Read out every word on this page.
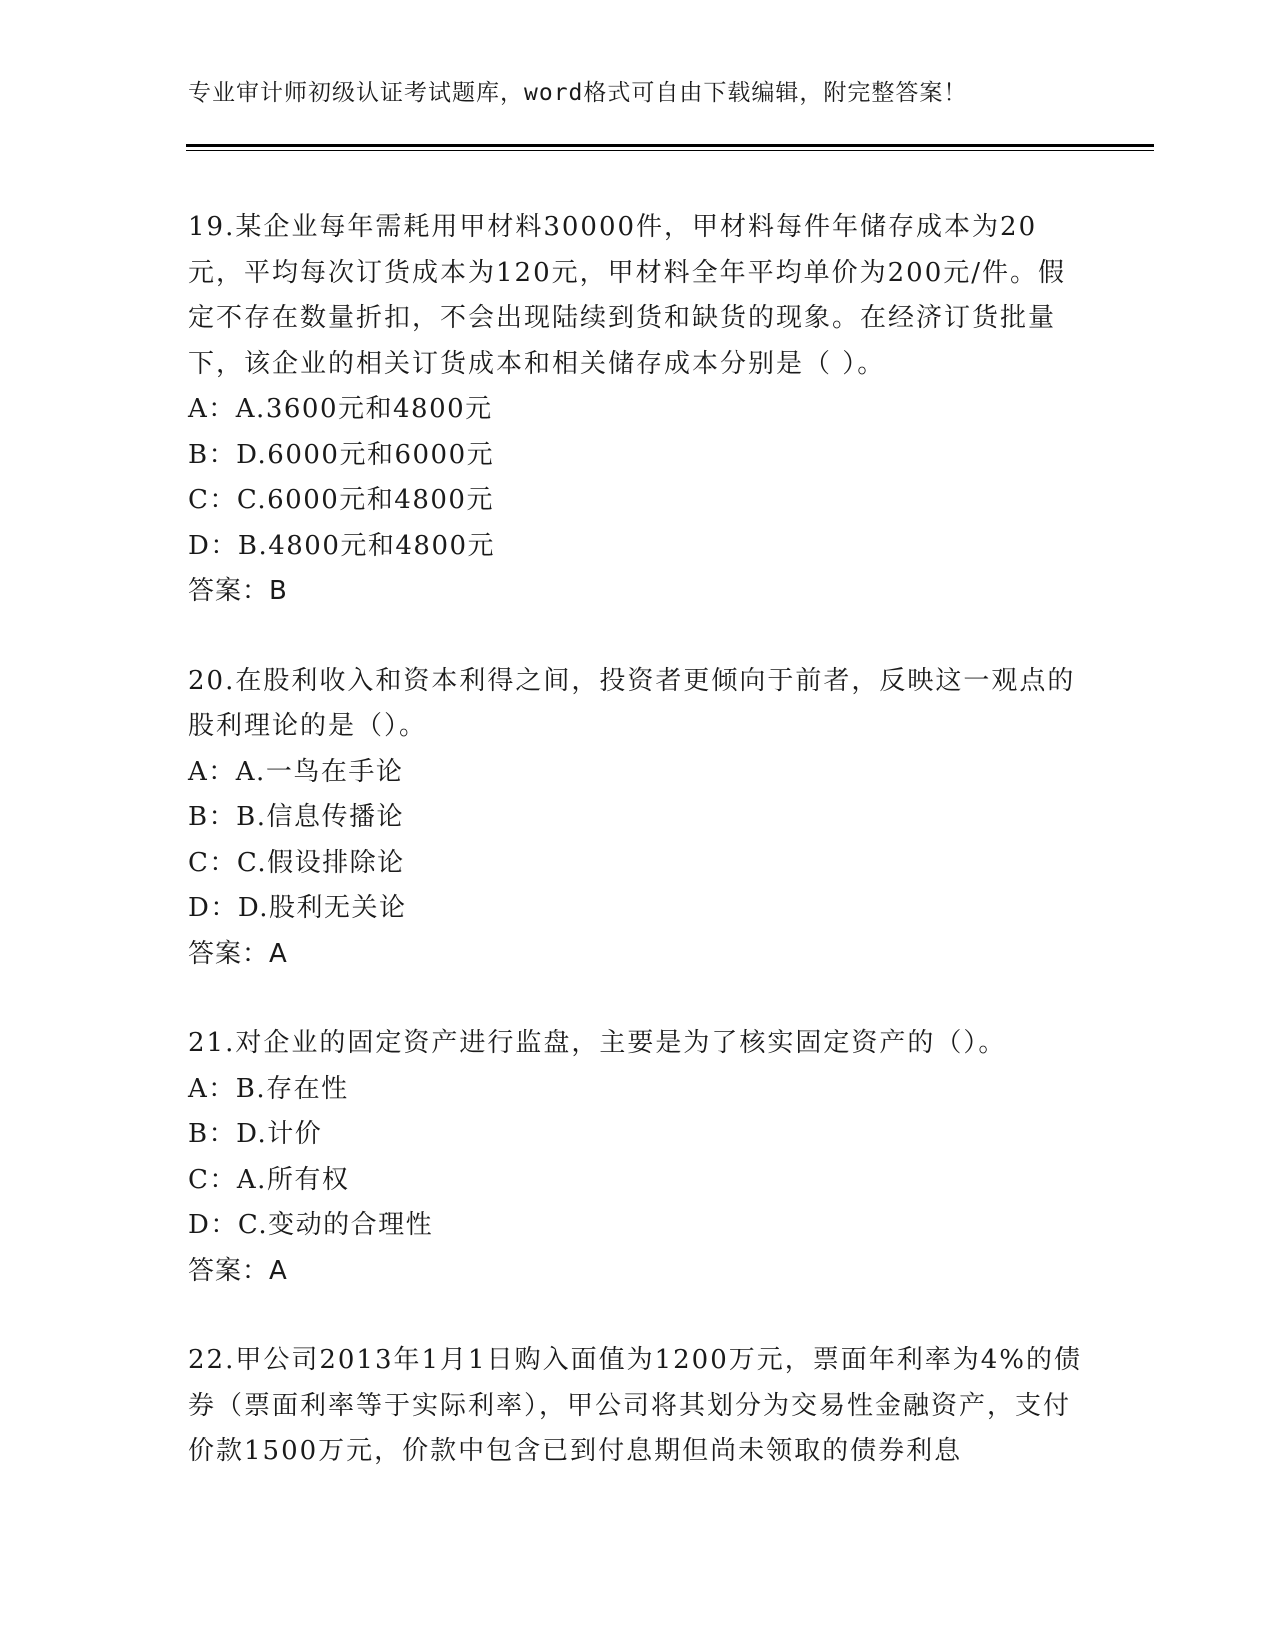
专业审计师初级认证考试题库，word格式可自由下载编辑，附完整答案！

19.某企业每年需耗用甲材料30000件，甲材料每件年储存成本为20元，平均每次订货成本为120元，甲材料全年平均单价为200元/件。假定不存在数量折扣，不会出现陆续到货和缺货的现象。在经济订货批量下，该企业的相关订货成本和相关储存成本分别是（ ）。

A：A.3600元和4800元

B：D.6000元和6000元

C：C.6000元和4800元

D：B.4800元和4800元

答案：B

20.在股利收入和资本利得之间，投资者更倾向于前者，反映这一观点的股利理论的是（）。

A：A.一鸟在手论

B：B.信息传播论

C：C.假设排除论

D：D.股利无关论

答案：A

21.对企业的固定资产进行监盘，主要是为了核实固定资产的（）。

A：B.存在性

B：D.计价

C：A.所有权

D：C.变动的合理性

答案：A

22.甲公司2013年1月1日购入面值为1200万元，票面年利率为4%的债券（票面利率等于实际利率），甲公司将其划分为交易性金融资产，支付价款1500万元，价款中包含已到付息期但尚未领取的债券利息
